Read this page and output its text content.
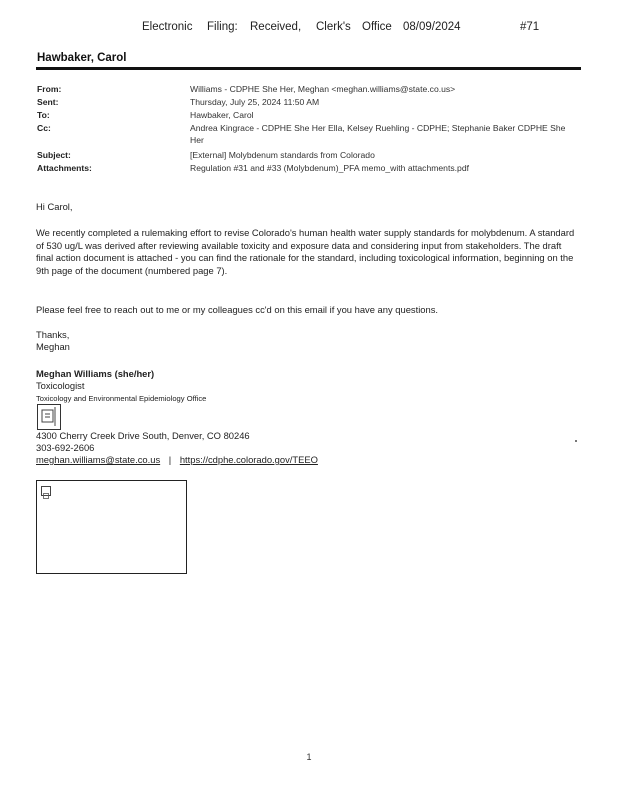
Electronic Filing: Received, Clerk's Office 08/09/2024	#71
Hawbaker, Carol
From:	Williams - CDPHE She Her, Meghan <meghan.williams@state.co.us>
Sent:	Thursday, July 25, 2024 11:50 AM
To:	Hawbaker, Carol
Cc:	Andrea Kingrace - CDPHE She Her Ella, Kelsey Ruehling - CDPHE; Stephanie Baker CDPHE She Her
Subject:	[External] Molybdenum standards from Colorado
Attachments:	Regulation #31 and #33 (Molybdenum)_PFA memo_with attachments.pdf
Hi Carol,
We recently completed a rulemaking effort to revise Colorado's human health water supply standards for molybdenum. A standard of 530 ug/L was derived after reviewing available toxicity and exposure data and considering input from stakeholders. The draft final action document is attached - you can find the rationale for the standard, including toxicological information, beginning on the 9th page of the document (numbered page 7).
Please feel free to reach out to me or my colleagues cc'd on this email if you have any questions.
Thanks,
Meghan
Meghan Williams (she/her)
Toxicologist
Toxicology and Environmental Epidemiology Office
4300 Cherry Creek Drive South, Denver, CO 80246
303-692-2606
meghan.williams@state.co.us | https://cdphe.colorado.gov/TEEO
1
